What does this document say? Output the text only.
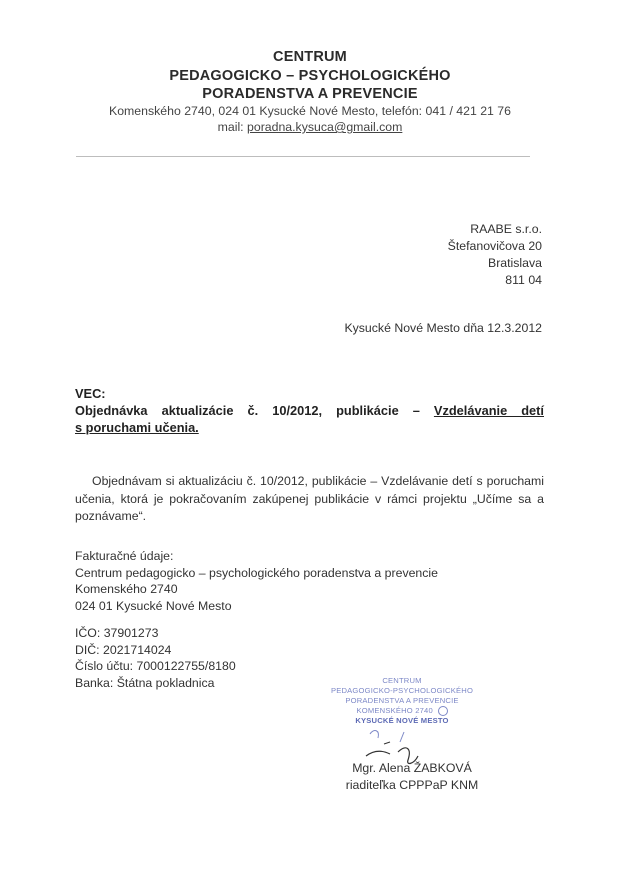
CENTRUM
PEDAGOGICKO – PSYCHOLOGICKÉHO
PORADENSTVA A PREVENCIE
Komenského 2740, 024 01 Kysucké Nové Mesto, telefón: 041 / 421 21 76
mail: poradna.kysuca@gmail.com
RAABE s.r.o.
Štefanovičova 20
Bratislava
811 04
Kysucké Nové Mesto dňa 12.3.2012
VEC:
Objednávka aktualizácie č. 10/2012, publikácie – Vzdelávanie detí
s poruchami učenia.
Objednávam si aktualizáciu č. 10/2012, publikácie – Vzdelávanie detí s poruchami učenia, ktorá je pokračovaním zakúpenej publikácie v rámci projektu „Učíme sa a poznávame“.
Fakturačné údaje:
Centrum pedagogicko – psychologického poradenstva a prevencie
Komenského 2740
024 01 Kysucké Nové Mesto
IČO: 37901273
DIČ: 2021714024
Číslo účtu: 7000122755/8180
Banka: Štátna pokladnica	CENTRUM
PEDAGOGICKO-PSYCHOLOGICKÉHO
PORADENSTVA A PREVENCIE
KOMENSKÉHO 2740
KYSUCKÉ NOVÉ MESTO
Mgr. Alena ŽABKOVÁ
riaditeľka CPPPaP KNM
